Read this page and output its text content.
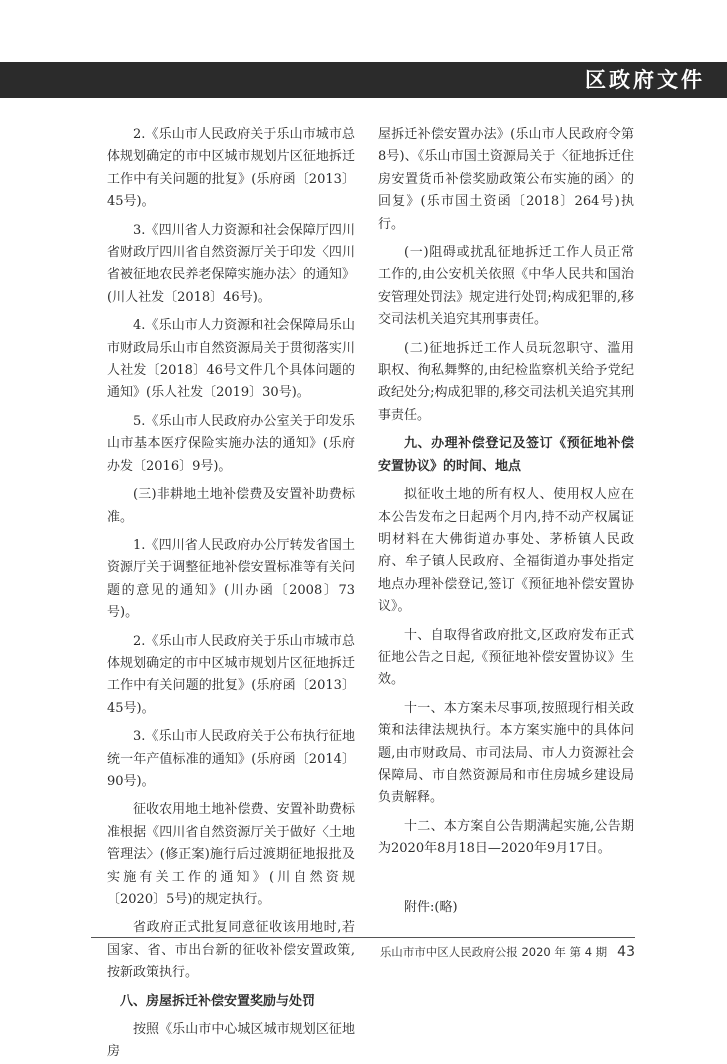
区政府文件

2.《乐山市人民政府关于乐山市城市总体规划确定的市中区城市规划片区征地拆迁工作中有关问题的批复》(乐府函〔2013〕45号)。

3.《四川省人力资源和社会保障厅四川省财政厅四川省自然资源厅关于印发〈四川省被征地农民养老保障实施办法〉的通知》(川人社发〔2018〕46号)。

4.《乐山市人力资源和社会保障局乐山市财政局乐山市自然资源局关于贯彻落实川人社发〔2018〕46号文件几个具体问题的通知》(乐人社发〔2019〕30号)。

5.《乐山市人民政府办公室关于印发乐山市基本医疗保险实施办法的通知》(乐府办发〔2016〕9号)。

(三)非耕地土地补偿费及安置补助费标准。

1.《四川省人民政府办公厅转发省国土资源厅关于调整征地补偿安置标准等有关问题的意见的通知》(川办函〔2008〕73号)。

2.《乐山市人民政府关于乐山市城市总体规划确定的市中区城市规划片区征地拆迁工作中有关问题的批复》(乐府函〔2013〕45号)。

3.《乐山市人民政府关于公布执行征地统一年产值标准的通知》(乐府函〔2014〕90号)。

征收农用地土地补偿费、安置补助费标准根据《四川省自然资源厅关于做好〈土地管理法〉(修正案)施行后过渡期征地报批及实施有关工作的通知》(川自然资规〔2020〕5号)的规定执行。

省政府正式批复同意征收该用地时,若国家、省、市出台新的征收补偿安置政策,按新政策执行。

八、房屋拆迁补偿安置奖励与处罚

按照《乐山市中心城区城市规划区征地房

屋拆迁补偿安置办法》(乐山市人民政府令第8号)、《乐山市国土资源局关于〈征地拆迁住房安置货币补偿奖励政策公布实施的函〉的回复》(乐市国土资函〔2018〕264号)执行。

(一)阻碍或扰乱征地拆迁工作人员正常工作的,由公安机关依照《中华人民共和国治安管理处罚法》规定进行处罚;构成犯罪的,移交司法机关追究其刑事责任。

(二)征地拆迁工作人员玩忽职守、滥用职权、徇私舞弊的,由纪检监察机关给予党纪政纪处分;构成犯罪的,移交司法机关追究其刑事责任。

九、办理补偿登记及签订《预征地补偿安置协议》的时间、地点

拟征收土地的所有权人、使用权人应在本公告发布之日起两个月内,持不动产权属证明材料在大佛街道办事处、茅桥镇人民政府、牟子镇人民政府、全福街道办事处指定地点办理补偿登记,签订《预征地补偿安置协议》。

十、自取得省政府批文,区政府发布正式征地公告之日起,《预征地补偿安置协议》生效。

十一、本方案未尽事项,按照现行相关政策和法律法规执行。本方案实施中的具体问题,由市财政局、市司法局、市人力资源社会保障局、市自然资源局和市住房城乡建设局负责解释。

十二、本方案自公告期满起实施,公告期为2020年8月18日—2020年9月17日。

附件:(略)

乐山市市中区人民政府公报 2020 年 第 4 期 43
